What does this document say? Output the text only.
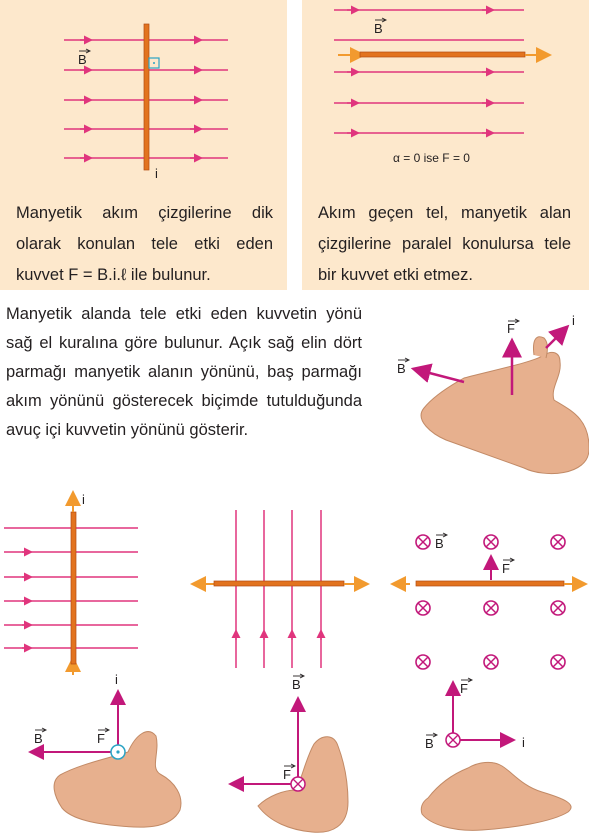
B
i
Manyetik akım çizgilerine dik olarak konulan tele etki eden kuvvet F = B.i.ℓ ile bulunur.
B
α = 0 ise F = 0
Akım geçen tel, manyetik alan çizgilerine paralel konulursa tele bir kuvvet etki etmez.
Manyetik alanda tele etki eden kuvvetin yönü sağ el kuralına göre bulunur. Açık sağ elin dört parmağı manyetik alanın yönünü, baş parmağı akım yönünü gösterecek biçimde tutulduğunda avuç içi kuvvetin yönünü gösterir.
F
B
i
i
i
B	F
B
F
B
F
B
F
i
